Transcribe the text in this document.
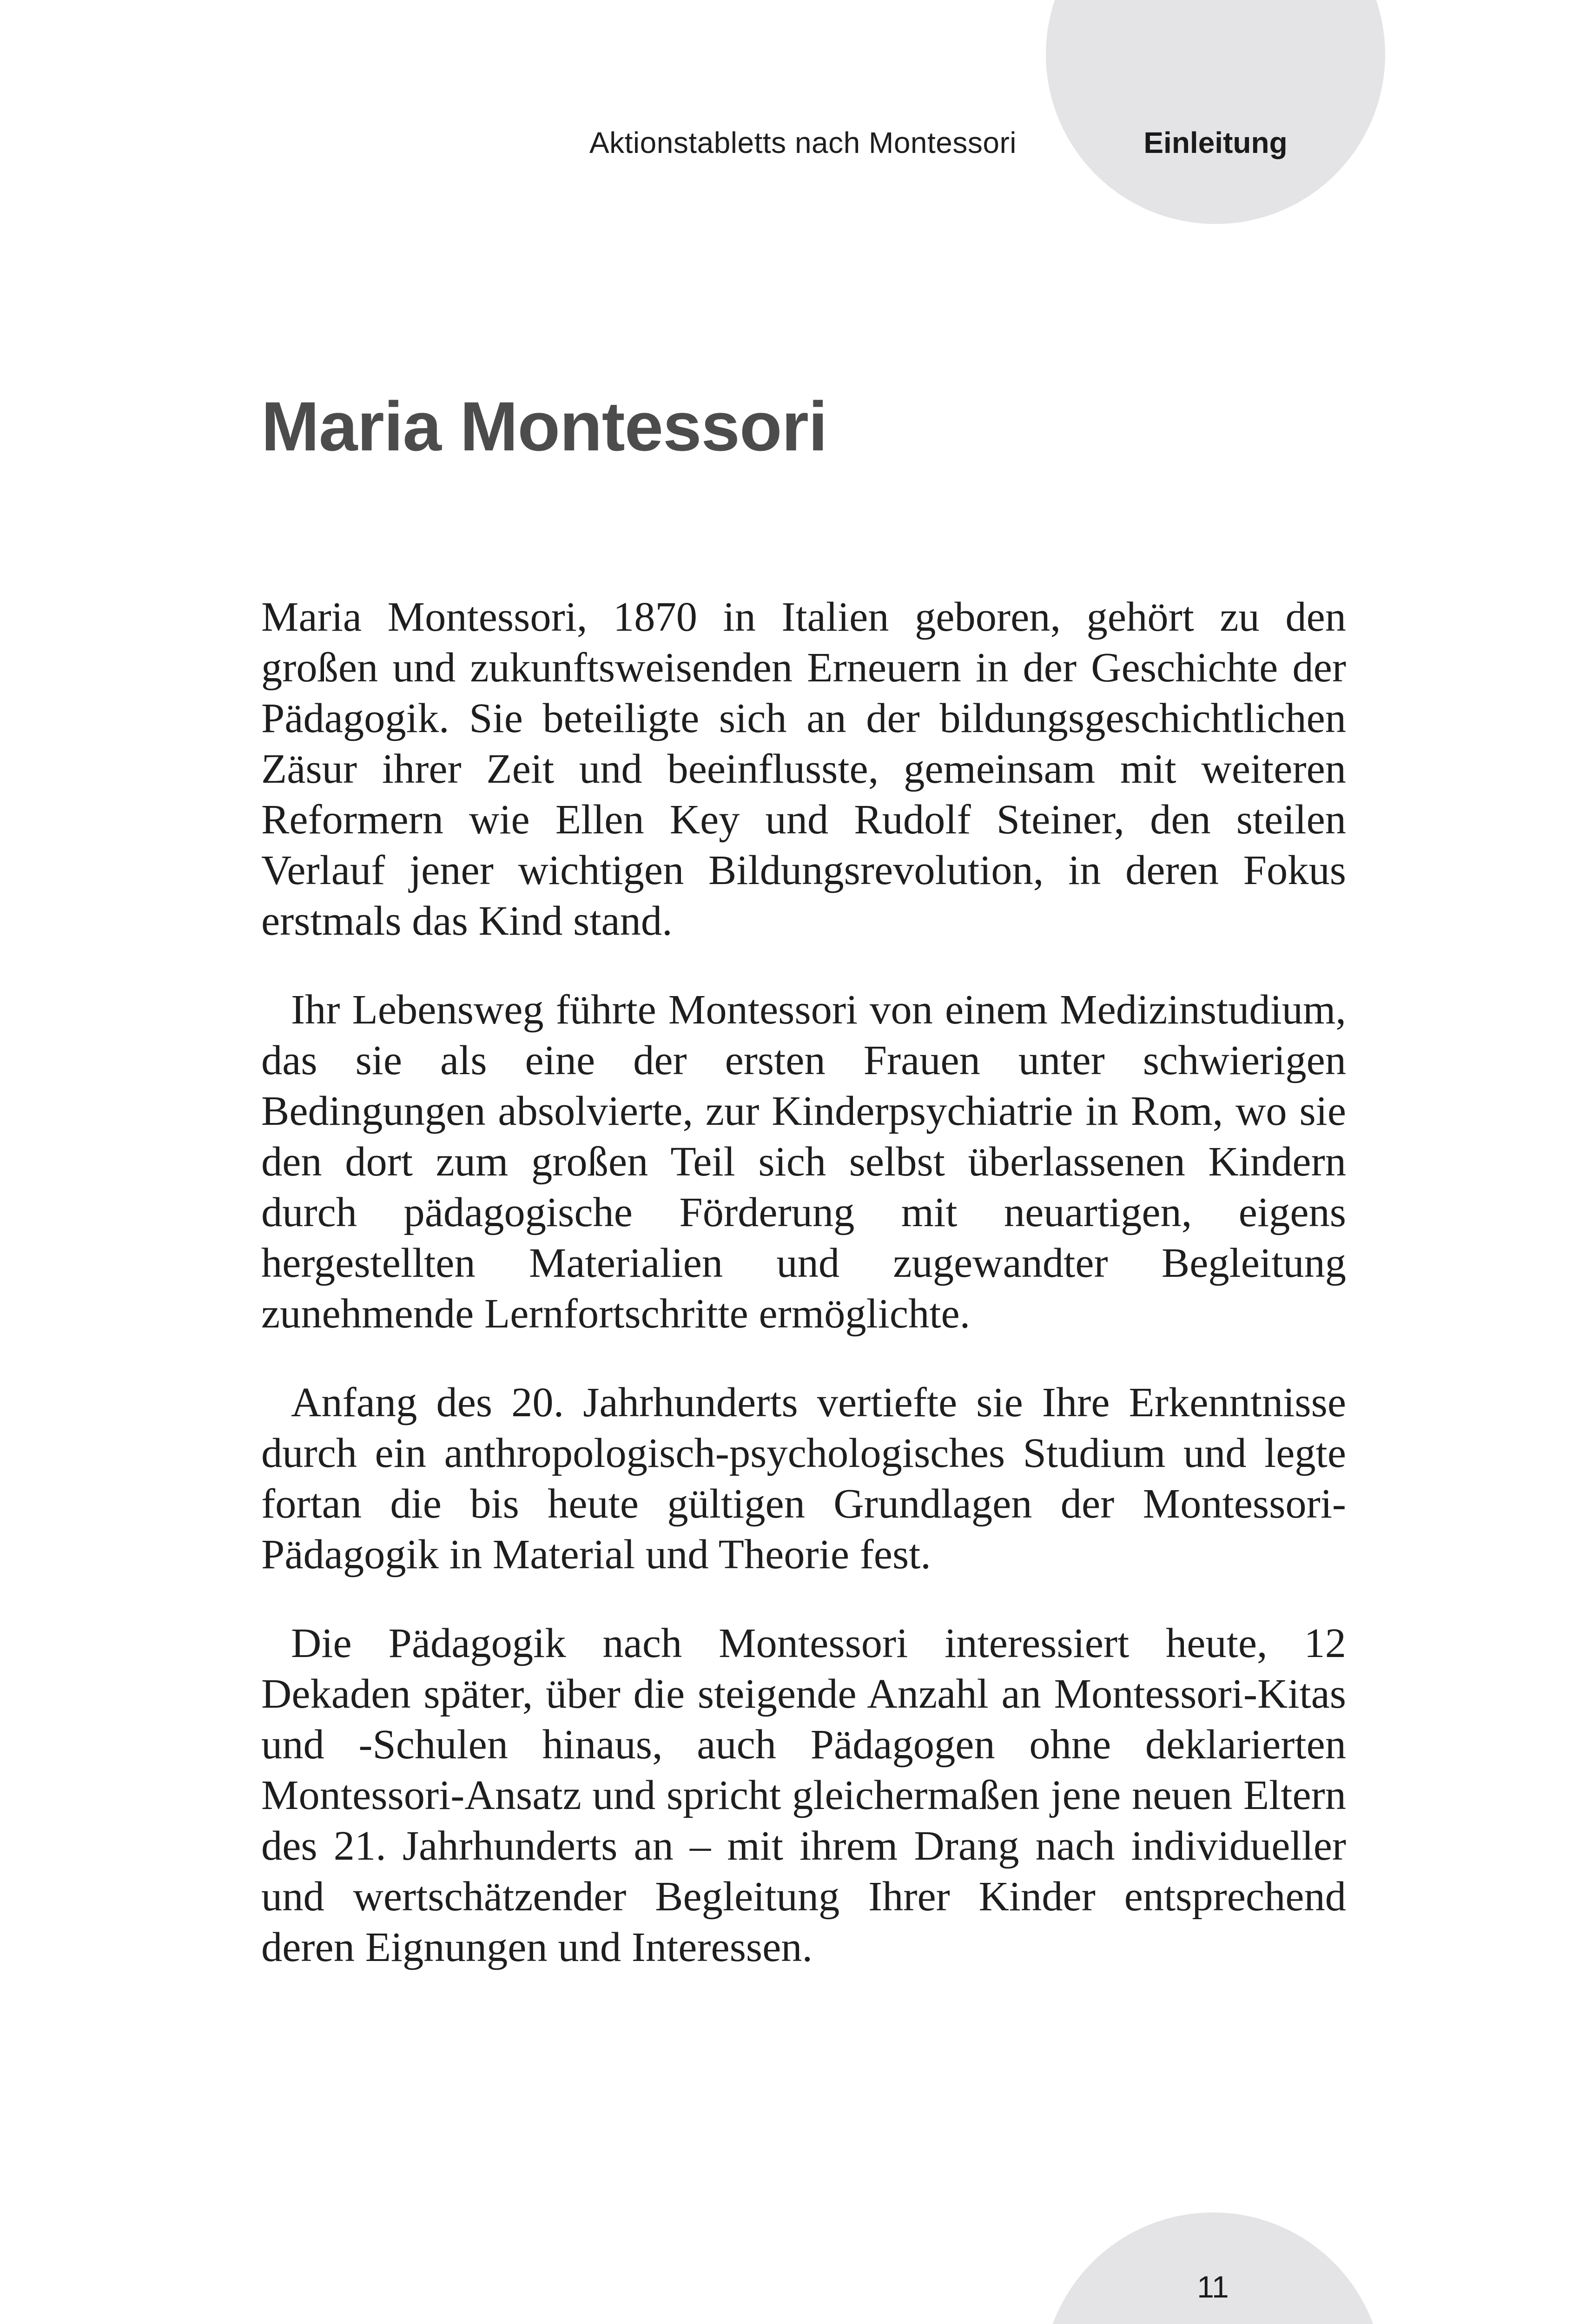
Aktionstabletts nach Montessori	Einleitung
Maria Montessori

Maria Montessori, 1870 in Italien geboren, gehört zu den großen und zukunftsweisenden Erneuern in der Geschichte der Pädagogik. Sie beteiligte sich an der bildungsgeschichtlichen Zäsur ihrer Zeit und beeinflusste, gemeinsam mit weiteren Reformern wie Ellen Key und Rudolf Steiner, den steilen Verlauf jener wichtigen Bildungsrevolution, in deren Fokus erstmals das Kind stand.

Ihr Lebensweg führte Montessori von einem Medizinstudium, das sie als eine der ersten Frauen unter schwierigen Bedingungen absolvierte, zur Kinderpsychiatrie in Rom, wo sie den dort zum großen Teil sich selbst überlassenen Kindern durch pädagogische Förderung mit neuartigen, eigens hergestellten Materialien und zugewandter Begleitung zunehmende Lernfortschritte ermöglichte.

Anfang des 20. Jahrhunderts vertiefte sie Ihre Erkenntnisse durch ein anthropologisch-psychologisches Studium und legte fortan die bis heute gültigen Grundlagen der Montessori-Pädagogik in Material und Theorie fest.

Die Pädagogik nach Montessori interessiert heute, 12 Dekaden später, über die steigende Anzahl an Montessori-Kitas und -Schulen hinaus, auch Pädagogen ohne deklarierten Montessori-Ansatz und spricht gleichermaßen jene neuen Eltern des 21. Jahrhunderts an – mit ihrem Drang nach individueller und wertschätzender Begleitung Ihrer Kinder entsprechend deren Eignungen und Interessen.

11
